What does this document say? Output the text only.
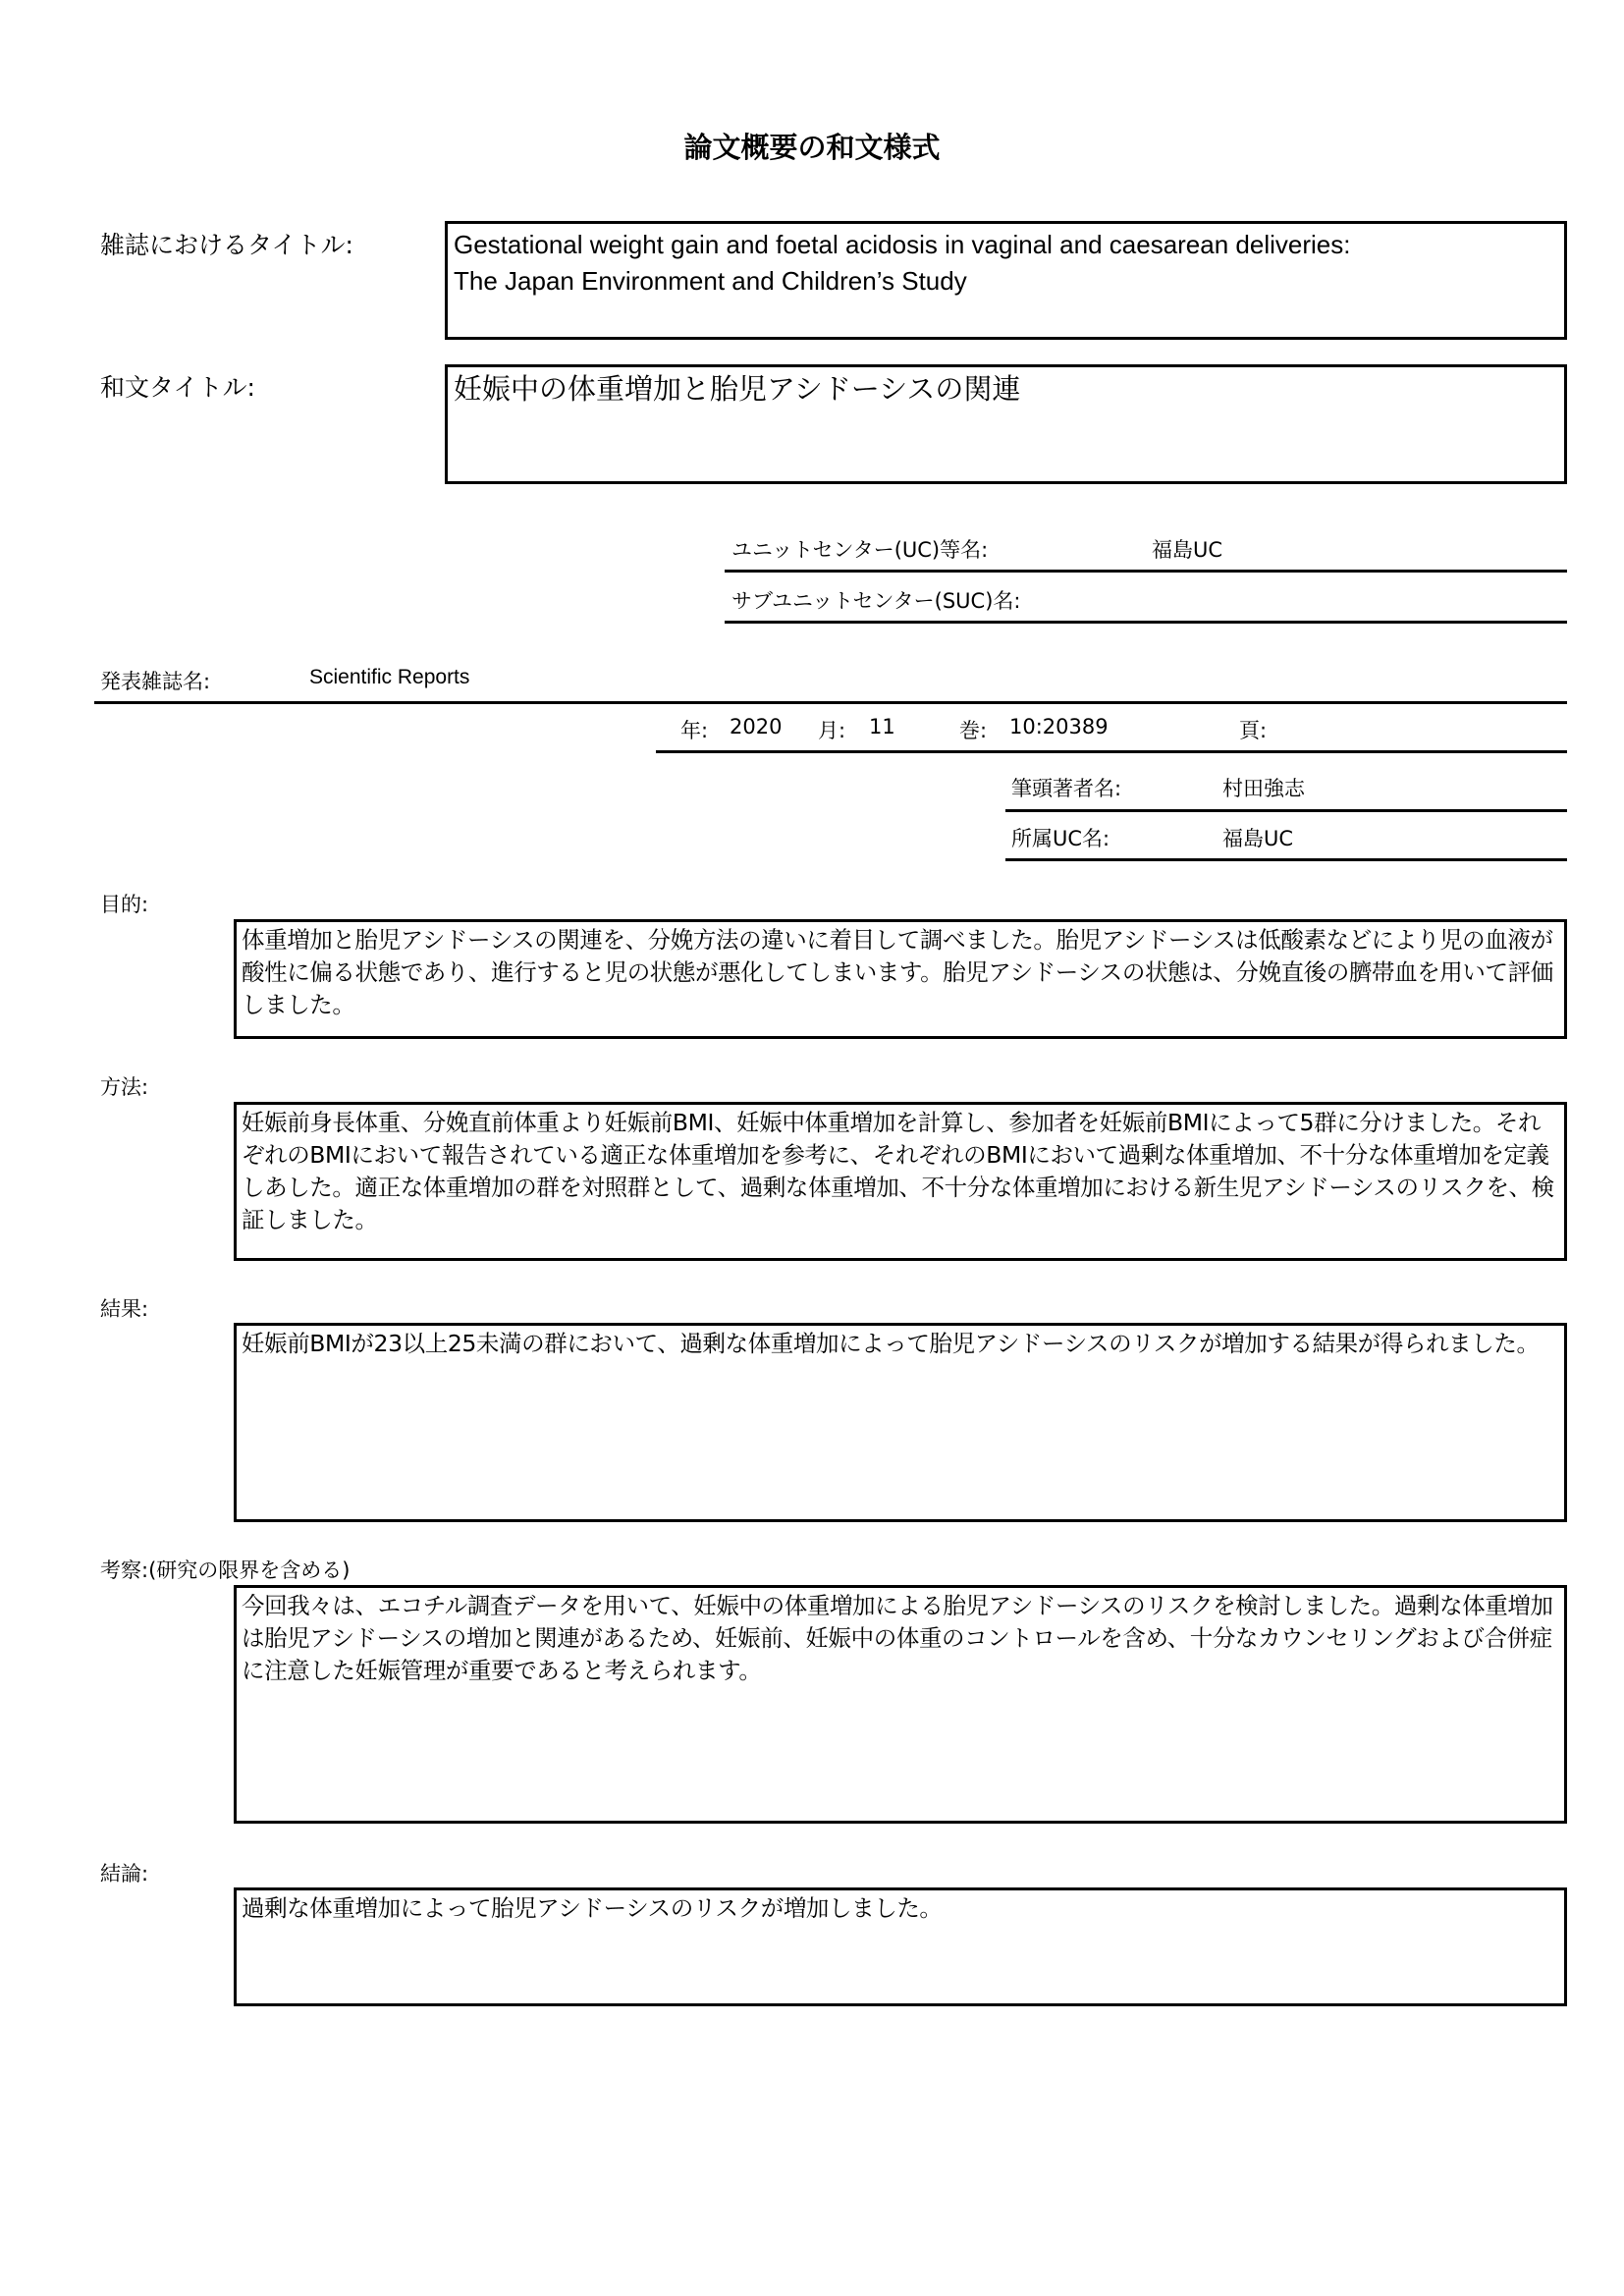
論文概要の和文様式
雑誌におけるタイトル:	Gestational weight gain and foetal acidosis in vaginal and caesarean deliveries:
The Japan Environment and Children’s Study
和文タイトル:	妊娠中の体重増加と胎児アシドーシスの関連
ユニットセンター(UC)等名:	福島UC
サブユニットセンター(SUC)名:
発表雑誌名:	Scientific Reports
年: 2020 月: 11	巻: 10:20389	頁:
筆頭著者名:	村田強志
所属UC名:	福島UC
目的:
体重増加と胎児アシドーシスの関連を、分娩方法の違いに着目して調べました。胎児アシドーシスは低酸素などにより児の血液が酸性に偏る状態であり、進行すると児の状態が悪化してしまいます。胎児アシドーシスの状態は、分娩直後の臍帯血を用いて評価しました。
方法:
妊娠前身長体重、分娩直前体重より妊娠前BMI、妊娠中体重増加を計算し、参加者を妊娠前BMIによって5群に分けました。それぞれのBMIにおいて報告されている適正な体重増加を参考に、それぞれのBMIにおいて過剰な体重増加、不十分な体重増加を定義しあした。適正な体重増加の群を対照群として、過剰な体重増加、不十分な体重増加における新生児アシドーシスのリスクを、検証しました。
結果:
妊娠前BMIが23以上25未満の群において、過剰な体重増加によって胎児アシドーシスのリスクが増加する結果が得られました。
考察:(研究の限界を含める)
今回我々は、エコチル調査データを用いて、妊娠中の体重増加による胎児アシドーシスのリスクを検討しました。過剰な体重増加は胎児アシドーシスの増加と関連があるため、妊娠前、妊娠中の体重のコントロールを含め、十分なカウンセリングおよび合併症に注意した妊娠管理が重要であると考えられます。
結論:
過剰な体重増加によって胎児アシドーシスのリスクが増加しました。
